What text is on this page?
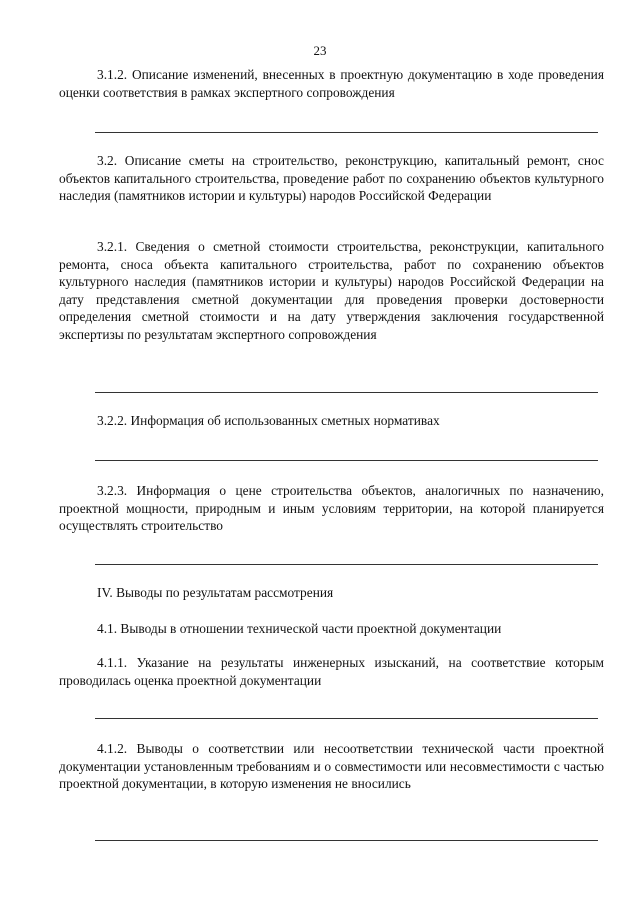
23

3.1.2. Описание изменений, внесенных в проектную документацию в ходе проведения оценки соответствия в рамках экспертного сопровождения

3.2. Описание сметы на строительство, реконструкцию, капитальный ремонт, снос объектов капитального строительства, проведение работ по сохранению объектов культурного наследия (памятников истории и культуры) народов Российской Федерации

3.2.1. Сведения о сметной стоимости строительства, реконструкции, капитального ремонта, сноса объекта капитального строительства, работ по сохранению объектов культурного наследия (памятников истории и культуры) народов Российской Федерации на дату представления сметной документации для проведения проверки достоверности определения сметной стоимости и на дату утверждения заключения государственной экспертизы по результатам экспертного сопровождения

3.2.2. Информация об использованных сметных нормативах

3.2.3. Информация о цене строительства объектов, аналогичных по назначению, проектной мощности, природным и иным условиям территории, на которой планируется осуществлять строительство

IV. Выводы по результатам рассмотрения

4.1. Выводы в отношении технической части проектной документации

4.1.1. Указание на результаты инженерных изысканий, на соответствие которым проводилась оценка проектной документации

4.1.2. Выводы о соответствии или несоответствии технической части проектной документации установленным требованиям и о совместимости или несовместимости с частью проектной документации, в которую изменения не вносились
